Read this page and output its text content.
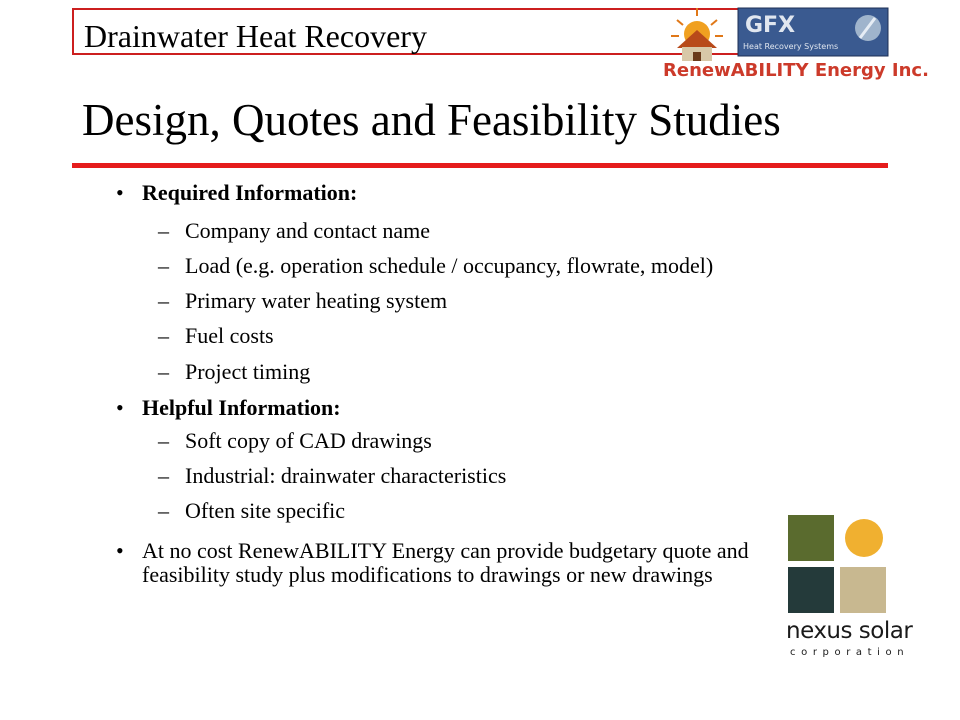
Drainwater Heat Recovery	GFX
Heat Recovery Systems
RenewABILITY Energy Inc.
Design, Quotes and Feasibility Studies
• Required Information:
– Company and contact name
– Load (e.g. operation schedule / occupancy, flowrate, model)
– Primary water heating system
– Fuel costs
– Project timing
• Helpful Information:
– Soft copy of CAD drawings
– Industrial: drainwater characteristics
– Often site specific
• At no cost RenewABILITY Energy can provide budgetary quote and
feasibility study plus modifications to drawings or new drawings
nexus solar
corporation
